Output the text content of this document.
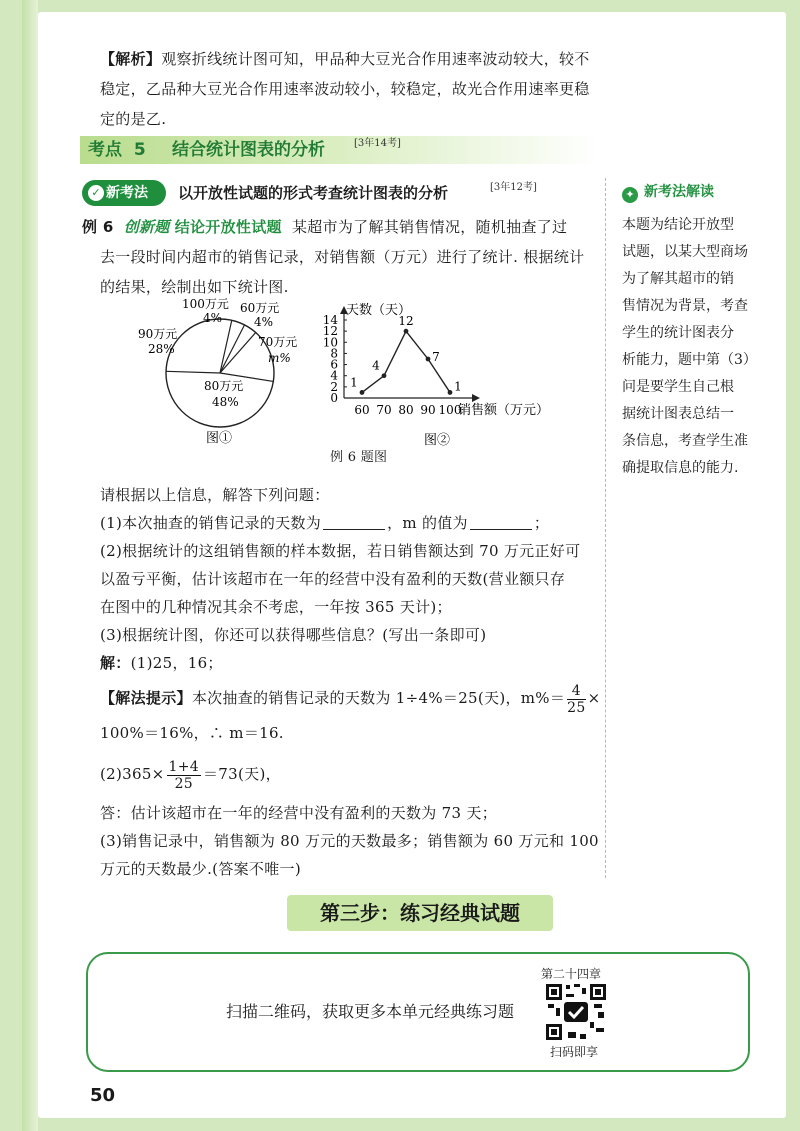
【解析】观察折线统计图可知，甲品种大豆光合作用速率波动较大，较不
稳定，乙品种大豆光合作用速率波动较小，较稳定，故光合作用速率更稳
定的是乙.
考点 5 结合统计图表的分析	[3年14考]
✓ 新考法	以开放性试题的形式考查统计图表的分析	[3年12考]
✦ 新考法解读
本题为结论开放型
试题，以某大型商场
为了解其超市的销
售情况为背景，考查
学生的统计图表分
析能力，题中第（3）
问是要学生自己根
据统计图表总结一
条信息，考查学生准
确提取信息的能力.
例 6 创新题 结论开放性试题 某超市为了解其销售情况，随机抽查了过
去一段时间内超市的销售记录，对销售额（万元）进行了统计. 根据统计
的结果，绘制出如下统计图.
100万元
4%
60万元
4%
70万元
m%
90万元
28%
80万元
48%
图①
0
2
4
6
8
10
12
14
60 70 80 90 100
1
4
12
7
1
天数（天）
销售额（万元）
图②
例 6 题图
请根据以上信息，解答下列问题：
(1)本次抽查的销售记录的天数为	，m 的值为	；
(2)根据统计的这组销售额的样本数据，若日销售额达到 70 万元正好可
以盈亏平衡，估计该超市在一年的经营中没有盈利的天数(营业额只存
在图中的几种情况其余不考虑，一年按 365 天计)；
(3)根据统计图，你还可以获得哪些信息？(写出一条即可)
解：(1)25，16；
【解法提示】本次抽查的销售记录的天数为 1÷4%＝25(天)，$m\%= \frac{4}{25}$ ×
100%＝16%，∴ m＝16.
$(2)365\times \frac{1+4}{25} =73$(天)，
答：估计该超市在一年的经营中没有盈利的天数为 73 天；
(3)销售记录中，销售额为 80 万元的天数最多；销售额为 60 万元和 100
万元的天数最少.(答案不唯一)
第三步：练习经典试题
扫描二维码，获取更多本单元经典练习题
第二十四章
扫码即享
50
